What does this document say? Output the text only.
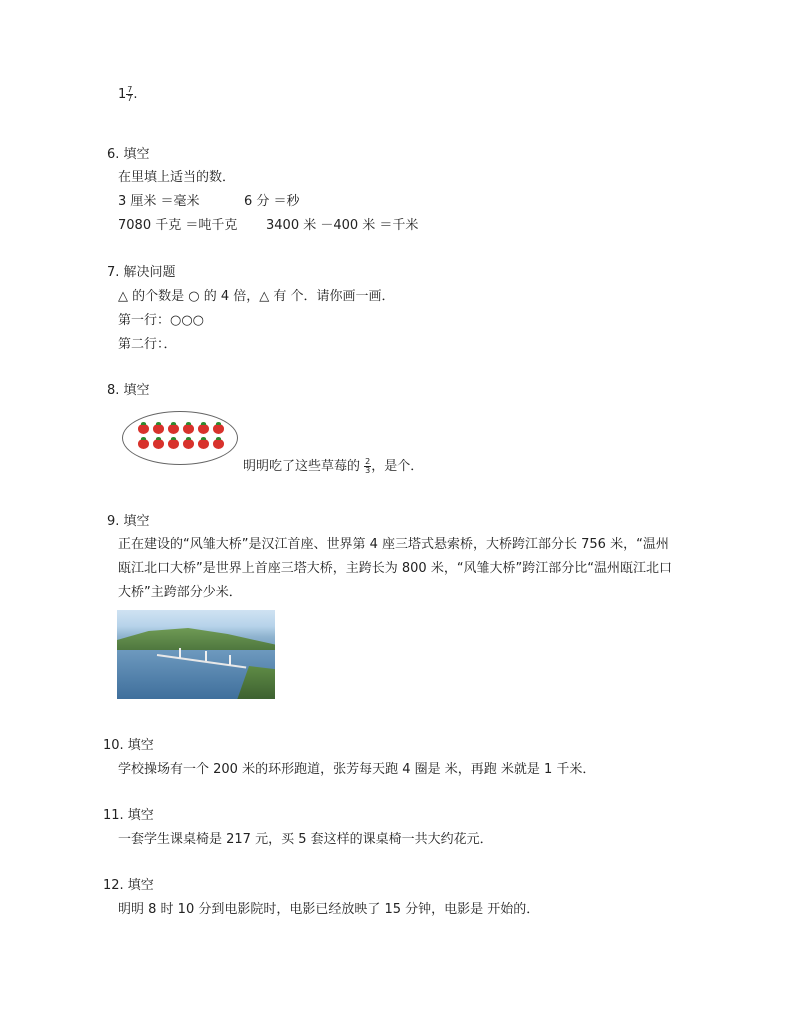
$1 \frac{7}{7}$ .
6. 填空
在里填上适当的数．
3 厘米 ＝毫米	6 分 ＝秒
7080 千克 ＝吨千克 3400 米 －400 米 ＝千米
7. 解决问题
△ 的个数是 ○ 的 4 倍，△ 有 个．请你画一画．
第一行：○○○
第二行：．
8. 填空
明明吃了这些草莓的 $\frac{2}{3}$ ，是个．
9. 填空
正在建设的“风雏大桥”是汉江首座、世界第 4 座三塔式悬索桥，大桥跨江部分长 756 米，“温州
瓯江北口大桥”是世界上首座三塔大桥，主跨长为 800 米，“风雏大桥”跨江部分比“温州瓯江北口
大桥”主跨部分少米．
10. 填空
学校操场有一个 200 米的环形跑道，张芳每天跑 4 圈是 米，再跑 米就是 1 千米．
11. 填空
一套学生课桌椅是 217 元，买 5 套这样的课桌椅一共大约花元．
12. 填空
明明 8 时 10 分到电影院时，电影已经放映了 15 分钟，电影是 开始的．
